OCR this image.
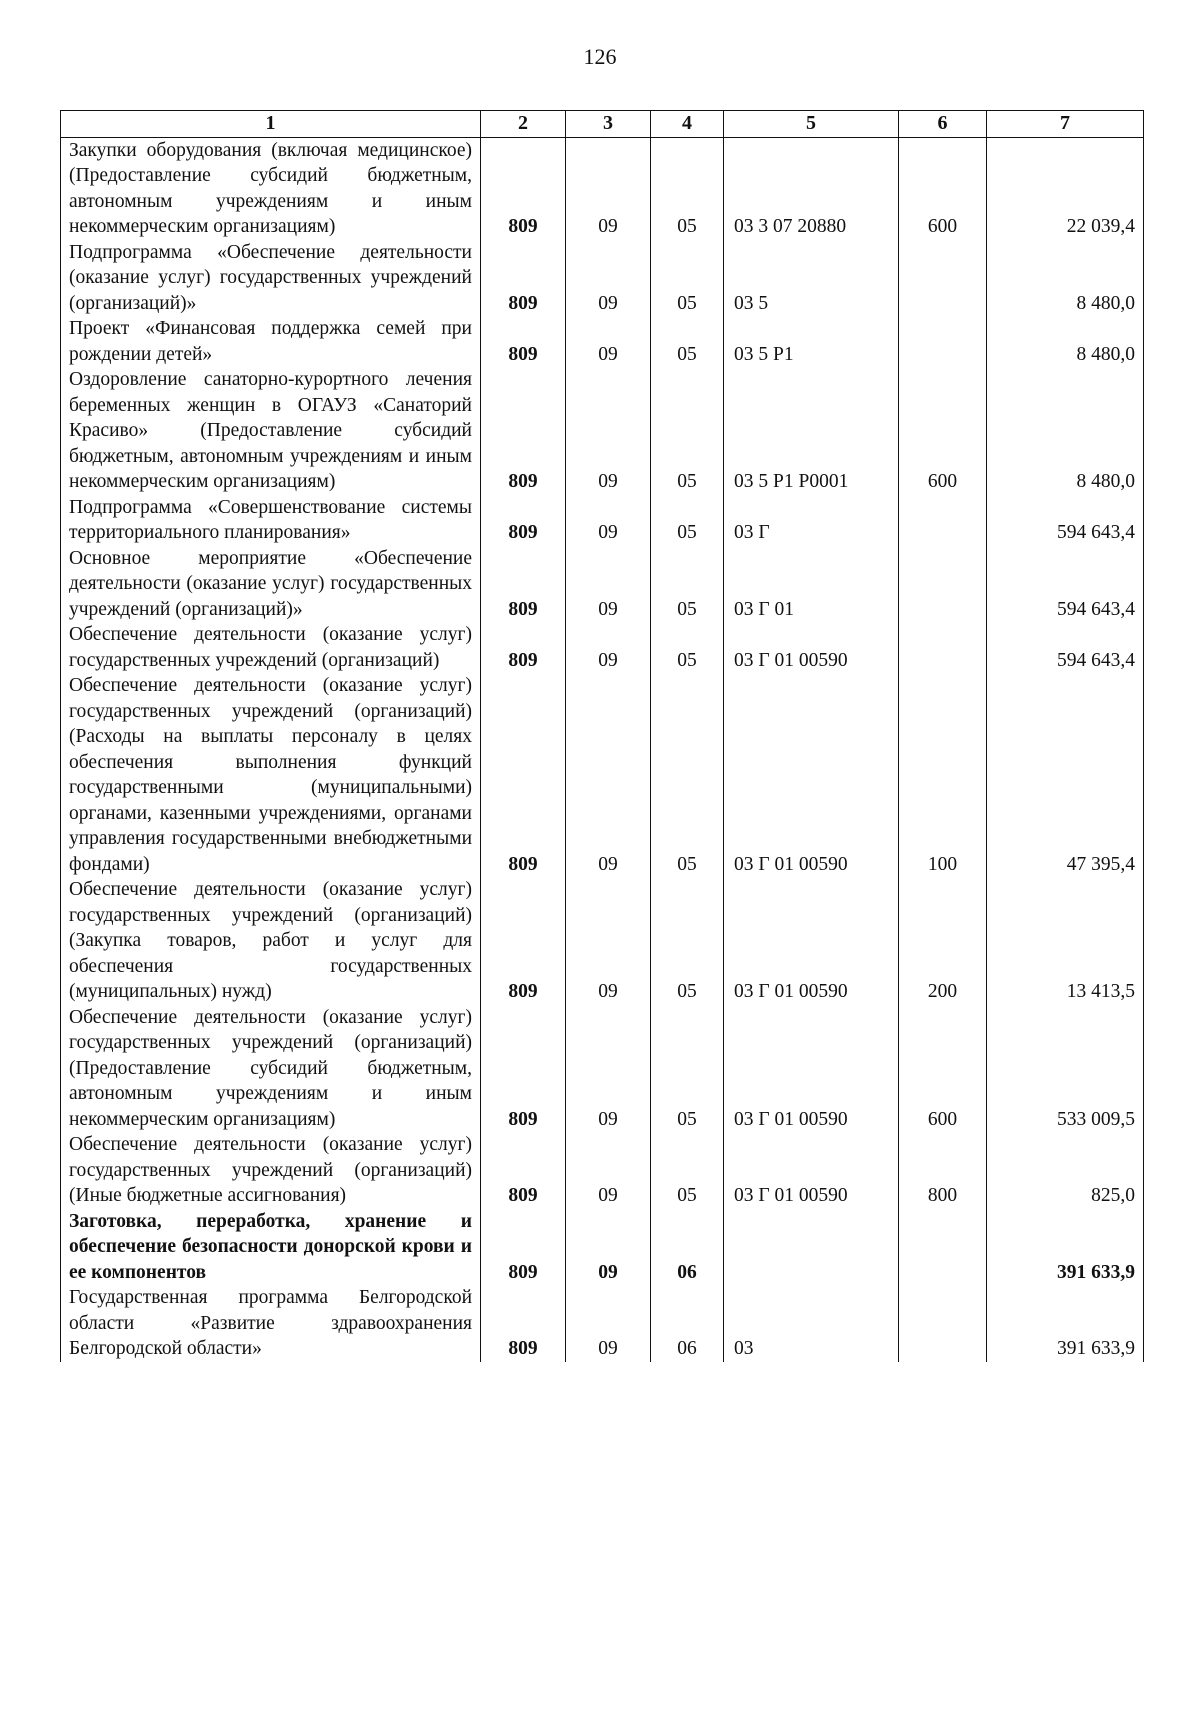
126
1	2	3	4	5	6	7
Закупки оборудования (включая медицинское) (Предоставление субсидий бюджетным, автономным учреждениям и иным некоммерческим организациям)	809	09	05	03 3 07 20880	600	22 039,4
Подпрограмма «Обеспечение деятельности (оказание услуг) государственных учреждений (организаций)»	809	09	05	03 5		8 480,0
Проект «Финансовая поддержка семей при рождении детей»	809	09	05	03 5 Р1		8 480,0
Оздоровление санаторно-курортного лечения беременных женщин в ОГАУЗ «Санаторий Красиво» (Предоставление субсидий бюджетным, автономным учреждениям и иным некоммерческим организациям)	809	09	05	03 5 Р1 Р0001	600	8 480,0
Подпрограмма «Совершенствование системы территориального планирования»	809	09	05	03 Г		594 643,4
Основное мероприятие «Обеспечение деятельности (оказание услуг) государственных учреждений (организаций)»	809	09	05	03 Г 01		594 643,4
Обеспечение деятельности (оказание услуг) государственных учреждений (организаций)	809	09	05	03 Г 01 00590		594 643,4
Обеспечение деятельности (оказание услуг) государственных учреждений (организаций) (Расходы на выплаты персоналу в целях обеспечения выполнения функций государственными (муниципальными) органами, казенными учреждениями, органами управления государственными внебюджетными фондами)	809	09	05	03 Г 01 00590	100	47 395,4
Обеспечение деятельности (оказание услуг) государственных учреждений (организаций) (Закупка товаров, работ и услуг для обеспечения государственных (муниципальных) нужд)	809	09	05	03 Г 01 00590	200	13 413,5
Обеспечение деятельности (оказание услуг) государственных учреждений (организаций) (Предоставление субсидий бюджетным, автономным учреждениям и иным некоммерческим организациям)	809	09	05	03 Г 01 00590	600	533 009,5
Обеспечение деятельности (оказание услуг) государственных учреждений (организаций) (Иные бюджетные ассигнования)	809	09	05	03 Г 01 00590	800	825,0
Заготовка, переработка, хранение и обеспечение безопасности донорской крови и ее компонентов	809	09	06			391 633,9
Государственная программа Белгородской области «Развитие здравоохранения Белгородской области»	809	09	06	03		391 633,9
